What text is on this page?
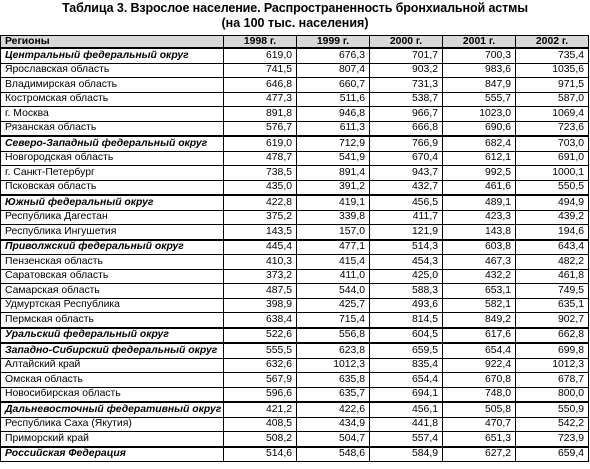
Таблица 3. Взрослое население. Распространенность бронхиальной астмы
(на 100 тыс. населения)
Регионы	1998 г.	1999 г.	2000 г.	2001 г.	2002 г.
Центральный федеральный округ	619,0	676,3	701,7	700,3	735,4
Ярославская область	741,5	807,4	903,2	983,6	1035,6
Владимирская область	646,8	660,7	731,3	847,9	971,5
Костромская область	477,3	511,6	538,7	555,7	587,0
г. Москва	891,8	946,8	966,7	1023,0	1069,4
Рязанская область	576,7	611,3	666,8	690,6	723,6
Северо-Западный федеральный округ	619,0	712,9	766,9	682,4	703,0
Новгородская область	478,7	541,9	670,4	612,1	691,0
г. Санкт-Петербург	738,5	891,4	943,7	992,5	1000,1
Псковская область	435,0	391,2	432,7	461,6	550,5
Южный федеральный округ	422,8	419,1	456,5	489,1	494,9
Республика Дагестан	375,2	339,8	411,7	423,3	439,2
Республика Ингушетия	143,5	157,0	121,9	143,8	194,6
Приволжский федеральный округ	445,4	477,1	514,3	603,8	643,4
Пензенская область	410,3	415,4	454,3	467,3	482,2
Саратовская область	373,2	411,0	425,0	432,2	461,8
Самарская область	487,5	544,0	588,3	653,1	749,5
Удмуртская Республика	398,9	425,7	493,6	582,1	635,1
Пермская область	638,4	715,4	814,5	849,2	902,7
Уральский федеральный округ	522,6	556,8	604,5	617,6	662,8
Западно-Сибирский федеральный округ	555,5	623,8	659,5	654,4	699,8
Алтайский край	632,6	1012,3	835,4	922,4	1012,3
Омская область	567,9	635,8	654,4	670,8	678,7
Новосибирская область	596,6	635,7	694,1	748,0	800,0
Дальневосточный федеративный округ	421,2	422,6	456,1	505,8	550,9
Республика Саха (Якутия)	408,5	434,9	441,8	470,7	542,2
Приморский край	508,2	504,7	557,4	651,3	723,9
Российская Федерация	514,6	548,6	584,9	627,2	659,4
